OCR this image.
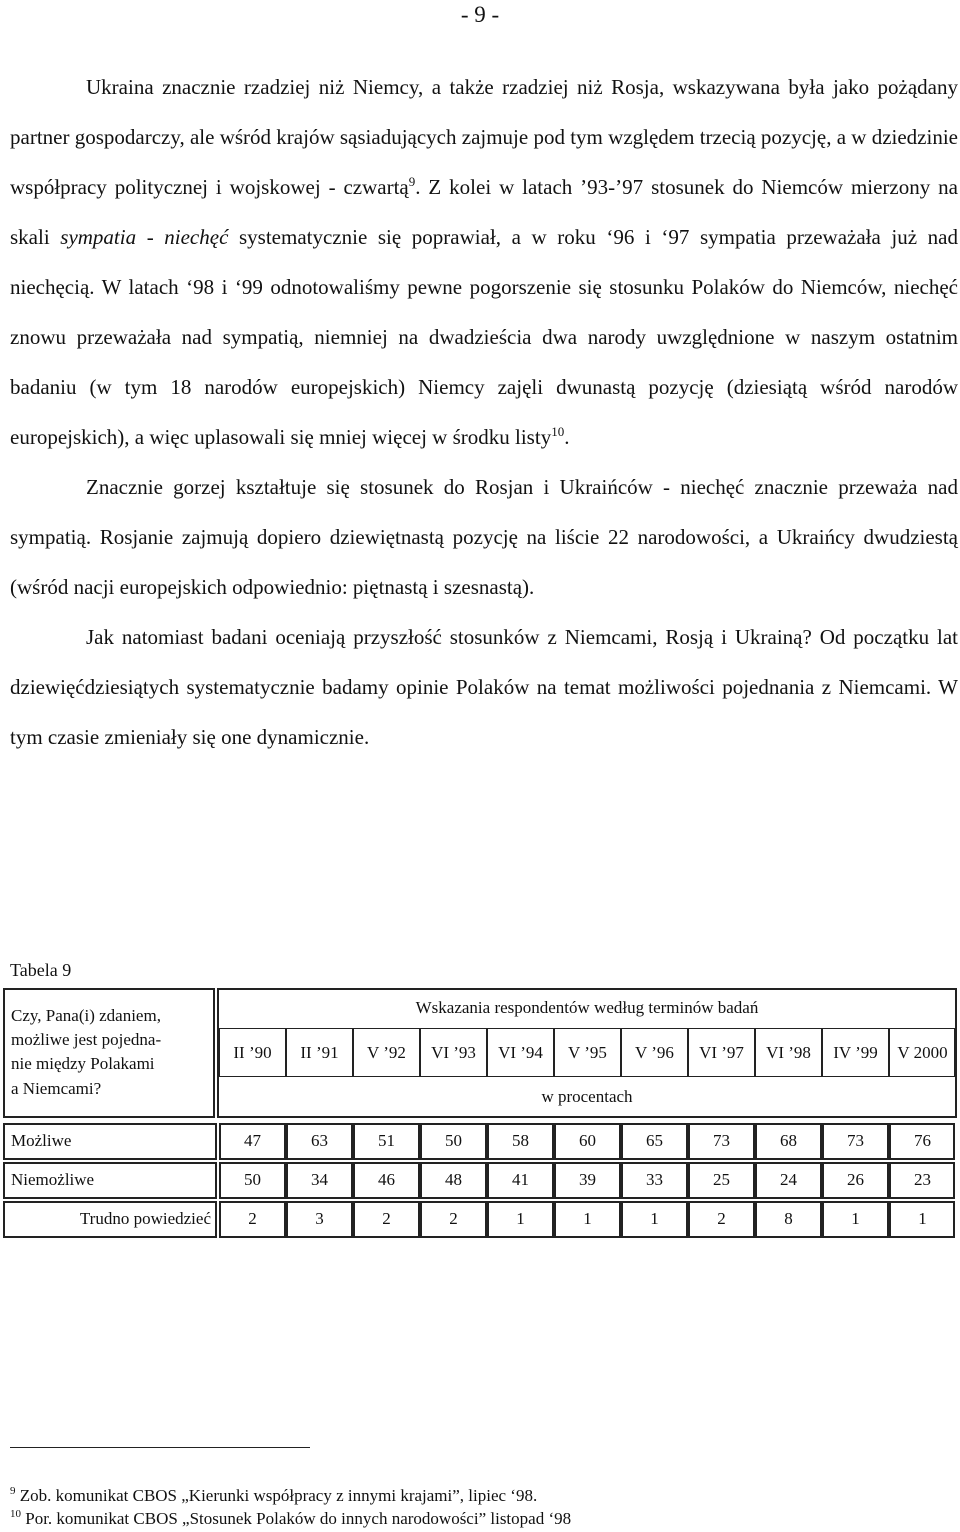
- 9 -

Ukraina znacznie rzadziej niż Niemcy, a także rzadziej niż Rosja, wskazywana była jako pożądany partner gospodarczy, ale wśród krajów sąsiadujących zajmuje pod tym względem trzecią pozycję, a w dziedzinie współpracy politycznej i wojskowej - czwartą$^9$. Z kolei w latach ’93-’97 stosunek do Niemców mierzony na skali sympatia - niechęć systematycznie się poprawiał, a w roku ‘96 i ‘97 sympatia przeważała już nad niechęcią. W latach ‘98 i ‘99 odnotowaliśmy pewne pogorszenie się stosunku Polaków do Niemców, niechęć znowu przeważała nad sympatią, niemniej na dwadzieścia dwa narody uwzględnione w naszym ostatnim badaniu (w tym 18 narodów europejskich) Niemcy zajęli dwunastą pozycję (dziesiątą wśród narodów europejskich), a więc uplasowali się mniej więcej w środku listy$^{10}$.

Znacznie gorzej kształtuje się stosunek do Rosjan i Ukraińców - niechęć znacznie przeważa nad sympatią. Rosjanie zajmują dopiero dziewiętnastą pozycję na liście 22 narodowości, a Ukraińcy dwudziestą (wśród nacji europejskich odpowiednio: piętnastą i szesnastą).

Jak natomiast badani oceniają przyszłość stosunków z Niemcami, Rosją i Ukrainą? Od początku lat dziewięćdziesiątych systematycznie badamy opinie Polaków na temat możliwości pojednania z Niemcami. W tym czasie zmieniały się one dynamicznie.

Tabela 9
Czy, Pana(i) zdaniem,
możliwe jest pojedna-
nie między Polakami
a Niemcami?
Wskazania respondentów według terminów badań
w procentach
II ’90	II ’91	V ’92	VI ’93	VI ’94	V ’95	V ’96	VI ’97	VI ’98	IV ’99	V 2000
Możliwe	47	63	51	50	58	60	65	73	68	73	76
Niemożliwe	50	34	46	48	41	39	33	25	24	26	23
Trudno powiedzieć	2	3	2	2	1	1	1	2	8	1	1
$^9$ Zob. komunikat CBOS „Kierunki współpracy z innymi krajami”, lipiec ‘98.
$^{10}$ Por. komunikat CBOS „Stosunek Polaków do innych narodowości” listopad ‘98
